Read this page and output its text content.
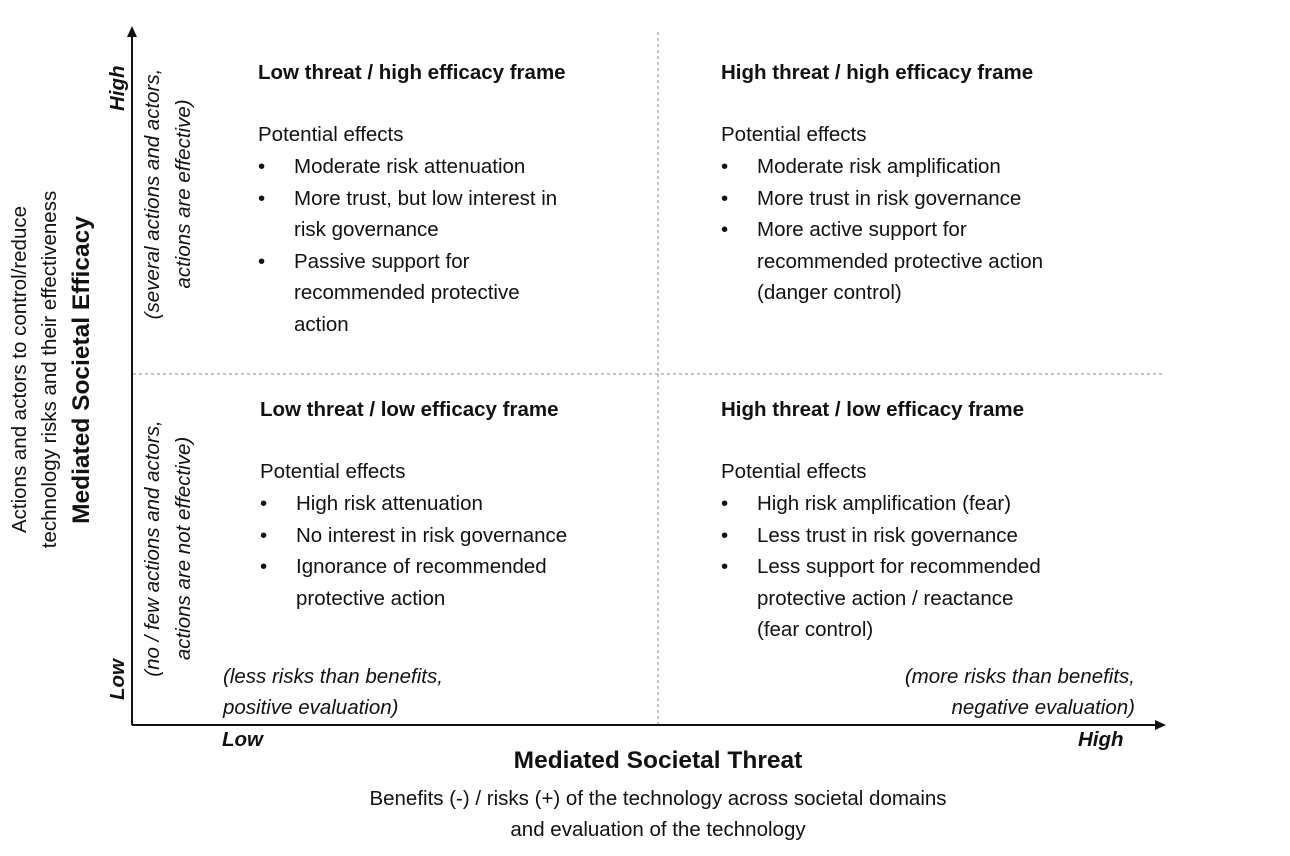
Low threat / high efficacy frame
Potential effects
• Moderate risk attenuation
• More trust, but low interest in
risk governance
• Passive support for
recommended protective
action
High threat / high efficacy frame
Potential effects
• Moderate risk amplification
• More trust in risk governance
• More active support for
recommended protective action
(danger control)
Low threat / low efficacy frame
Potential effects
• High risk attenuation
• No interest in risk governance
• Ignorance of recommended
protective action
High threat / low efficacy frame
Potential effects
• High risk amplification (fear)
• Less trust in risk governance
• Less support for recommended
protective action / reactance
(fear control)
(less risks than benefits,
positive evaluation)
(more risks than benefits,
negative evaluation)
Low	High
Mediated Societal Threat
Benefits (-) / risks (+) of the technology across societal domains
and evaluation of the technology
Actions and actors to control/reduce technology risks and their effectiveness Mediated Societal Efficacy
High
Low
(several actions and actors, actions are effective)
(no / few actions and actors, actions are not effective)
